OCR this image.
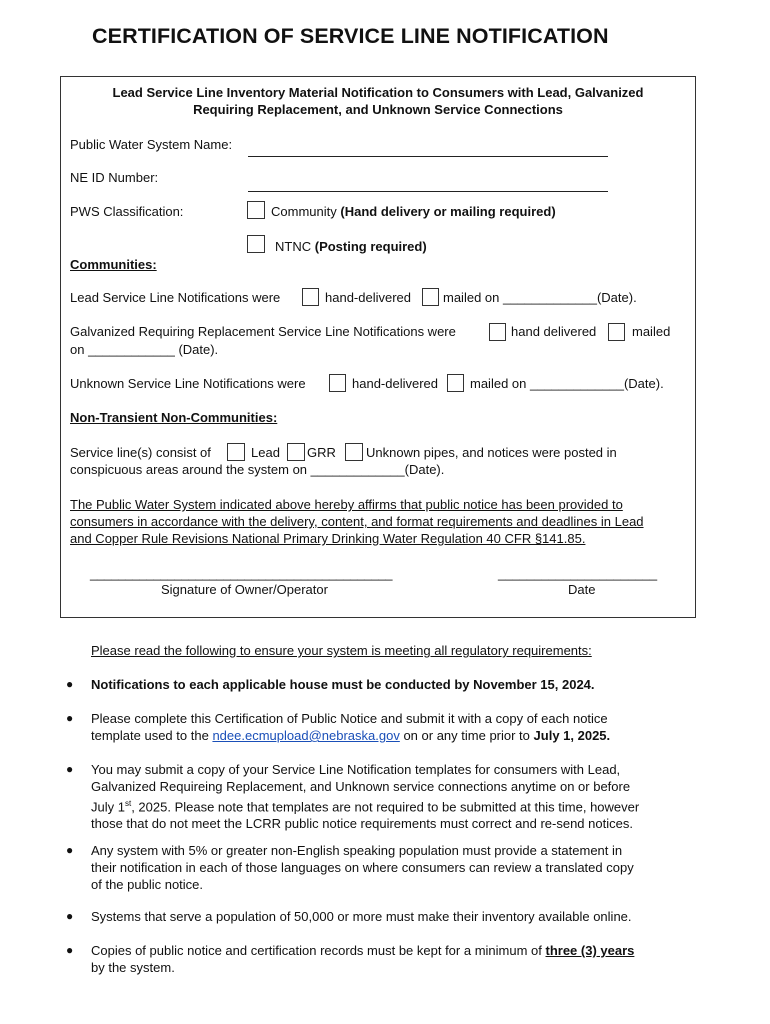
CERTIFICATION OF SERVICE LINE NOTIFICATION
Lead Service Line Inventory Material Notification to Consumers with Lead, Galvanized
Requiring Replacement, and Unknown Service Connections
Public Water System Name:
NE ID Number:
PWS Classification:	Community (Hand delivery or mailing required)
NTNC (Posting required)
Communities:
Lead Service Line Notifications were	hand-delivered mailed on _____________(Date).
Galvanized Requiring Replacement Service Line Notifications were	hand delivered	mailed
on ____________ (Date).
Unknown Service Line Notifications were	hand-delivered mailed on _____________(Date).
Non-Transient Non-Communities:
Service line(s) consist of	Lead GRR Unknown pipes, and notices were posted in
conspicuous areas around the system on _____________(Date).
The Public Water System indicated above hereby affirms that public notice has been provided to
consumers in accordance with the delivery, content, and format requirements and deadlines in Lead
and Copper Rule Revisions National Primary Drinking Water Regulation 40 CFR §141.85.
___________________________________________	______________________
Signature of Owner/Operator	Date
Please read the following to ensure your system is meeting all regulatory requirements:
● Notifications to each applicable house must be conducted by November 15, 2024.
● Please complete this Certification of Public Notice and submit it with a copy of each notice
template used to the ndee.ecmupload@nebraska.gov on or any time prior to July 1, 2025.
● You may submit a copy of your Service Line Notification templates for consumers with Lead,
Galvanized Requireing Replacement, and Unknown service connections anytime on or before
July 1st, 2025. Please note that templates are not required to be submitted at this time, however
those that do not meet the LCRR public notice requirements must correct and re-send notices.
● Any system with 5% or greater non-English speaking population must provide a statement in
their notification in each of those languages on where consumers can review a translated copy
of the public notice.
● Systems that serve a population of 50,000 or more must make their inventory available online.
● Copies of public notice and certification records must be kept for a minimum of three (3) years
by the system.
